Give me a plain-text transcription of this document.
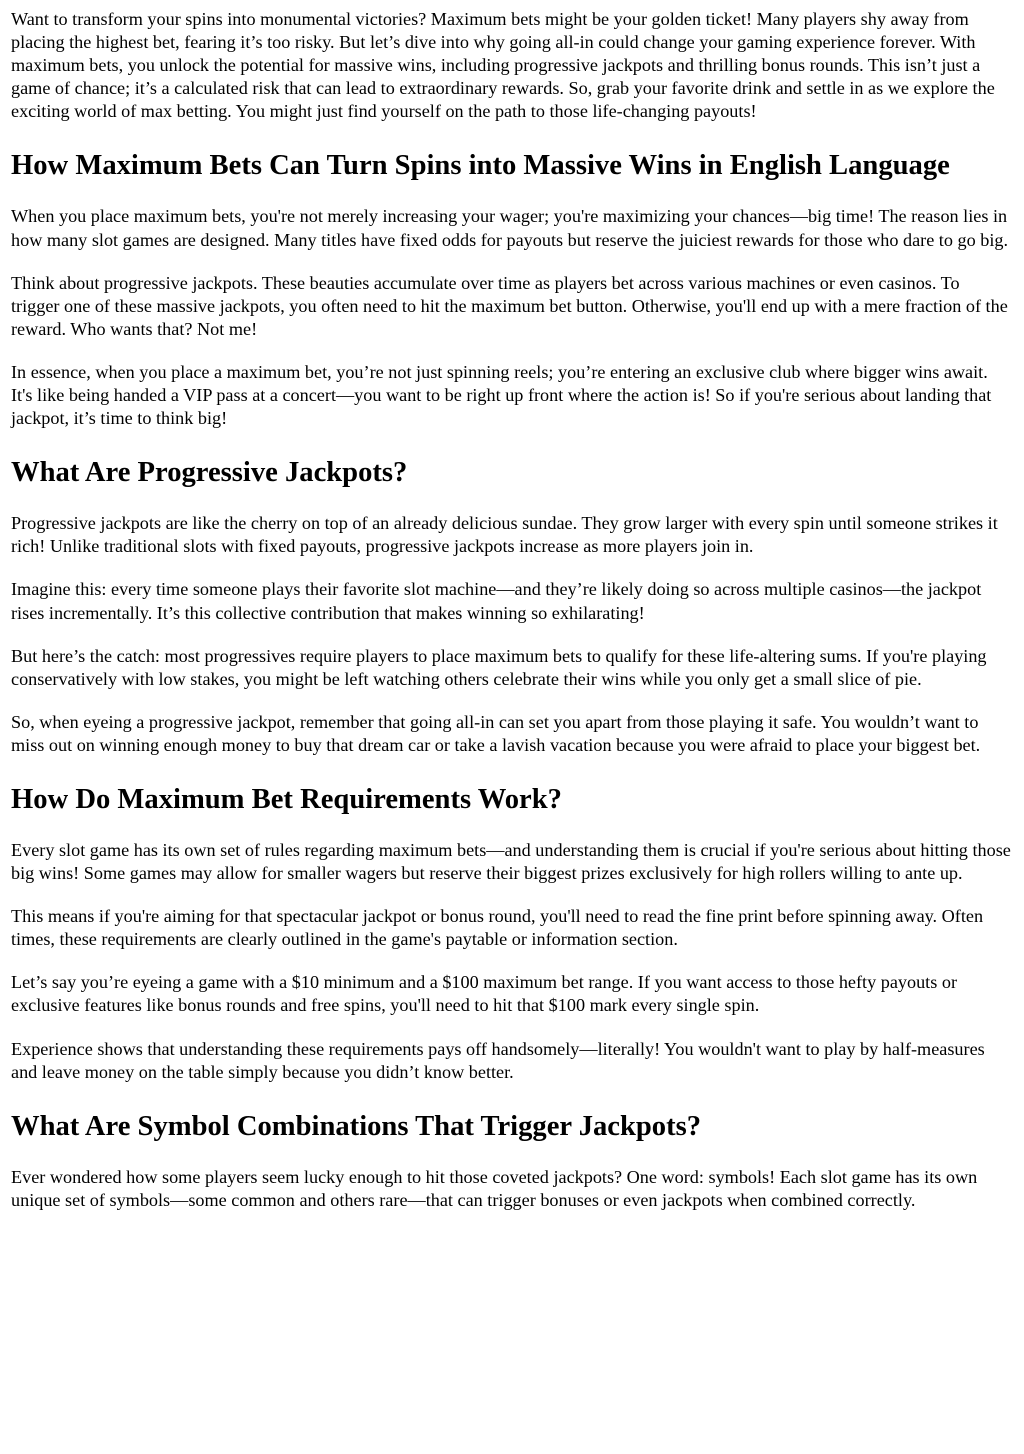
Want to transform your spins into monumental victories? Maximum bets might be your golden ticket! Many players shy away from placing the highest bet, fearing it’s too risky. But let’s dive into why going all-in could change your gaming experience forever. With maximum bets, you unlock the potential for massive wins, including progressive jackpots and thrilling bonus rounds. This isn’t just a game of chance; it’s a calculated risk that can lead to extraordinary rewards. So, grab your favorite drink and settle in as we explore the exciting world of max betting. You might just find yourself on the path to those life-changing payouts!

How Maximum Bets Can Turn Spins into Massive Wins in English Language

When you place maximum bets, you're not merely increasing your wager; you're maximizing your chances—big time! The reason lies in how many slot games are designed. Many titles have fixed odds for payouts but reserve the juiciest rewards for those who dare to go big.

Think about progressive jackpots. These beauties accumulate over time as players bet across various machines or even casinos. To trigger one of these massive jackpots, you often need to hit the maximum bet button. Otherwise, you'll end up with a mere fraction of the reward. Who wants that? Not me!

In essence, when you place a maximum bet, you’re not just spinning reels; you’re entering an exclusive club where bigger wins await. It's like being handed a VIP pass at a concert—you want to be right up front where the action is! So if you're serious about landing that jackpot, it’s time to think big!

What Are Progressive Jackpots?

Progressive jackpots are like the cherry on top of an already delicious sundae. They grow larger with every spin until someone strikes it rich! Unlike traditional slots with fixed payouts, progressive jackpots increase as more players join in.

Imagine this: every time someone plays their favorite slot machine—and they’re likely doing so across multiple casinos—the jackpot rises incrementally. It’s this collective contribution that makes winning so exhilarating!

But here’s the catch: most progressives require players to place maximum bets to qualify for these life-altering sums. If you're playing conservatively with low stakes, you might be left watching others celebrate their wins while you only get a small slice of pie.

So, when eyeing a progressive jackpot, remember that going all-in can set you apart from those playing it safe. You wouldn’t want to miss out on winning enough money to buy that dream car or take a lavish vacation because you were afraid to place your biggest bet.

How Do Maximum Bet Requirements Work?

Every slot game has its own set of rules regarding maximum bets—and understanding them is crucial if you're serious about hitting those big wins! Some games may allow for smaller wagers but reserve their biggest prizes exclusively for high rollers willing to ante up.

This means if you're aiming for that spectacular jackpot or bonus round, you'll need to read the fine print before spinning away. Often times, these requirements are clearly outlined in the game's paytable or information section.

Let’s say you’re eyeing a game with a $10 minimum and a $100 maximum bet range. If you want access to those hefty payouts or exclusive features like bonus rounds and free spins, you'll need to hit that $100 mark every single spin.

Experience shows that understanding these requirements pays off handsomely—literally! You wouldn't want to play by half-measures and leave money on the table simply because you didn’t know better.

What Are Symbol Combinations That Trigger Jackpots?

Ever wondered how some players seem lucky enough to hit those coveted jackpots? One word: symbols! Each slot game has its own unique set of symbols—some common and others rare—that can trigger bonuses or even jackpots when combined correctly.
